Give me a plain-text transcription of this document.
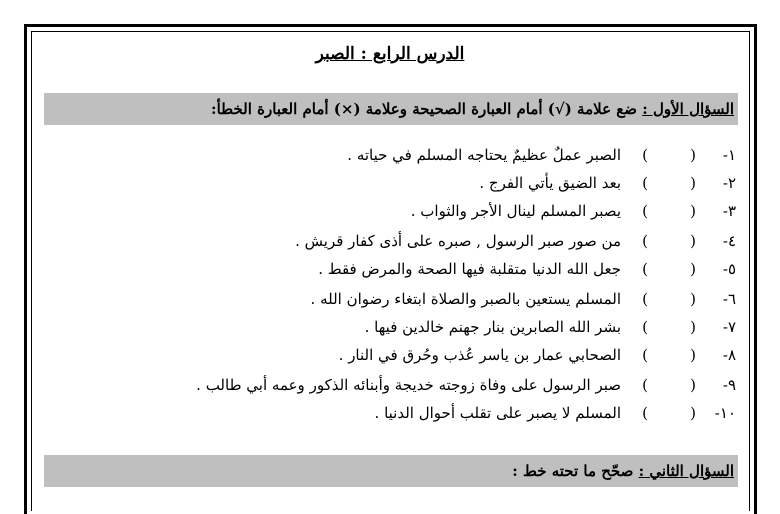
الدرس الرابع : الصبر
السؤال الأول : ضع علامة (√) أمام العبارة الصحيحة وعلامة (×) أمام العبارة الخطأ:
١-
(
)
الصبر عملٌ عظيمٌ يحتاجه المسلم في حياته .
٢-
(
)
بعد الضيق يأتي الفرج .
٣-
(
)
يصبر المسلم لينال الأجر والثواب .
٤-
(
)
من صور صبر الرسول , صبره على أذى كفار قريش .
٥-
(
)
جعل الله الدنيا متقلبة فيها الصحة والمرض فقط .
٦-
(
)
المسلم يستعين بالصبر والصلاة ابتغاء رضوان الله .
٧-
(
)
بشر الله الصابرين بنار جهنم خالدين فيها .
٨-
(
)
الصحابي عمار بن ياسر عُذب وحُرق في النار .
٩-
(
)
صبر الرسول على وفاة زوجته خديجة وأبنائه الذكور وعمه أبي طالب .
١٠-
(
)
المسلم لا يصبر على تقلب أحوال الدنيا .
السؤال الثاني : صحّح ما تحته خط :
